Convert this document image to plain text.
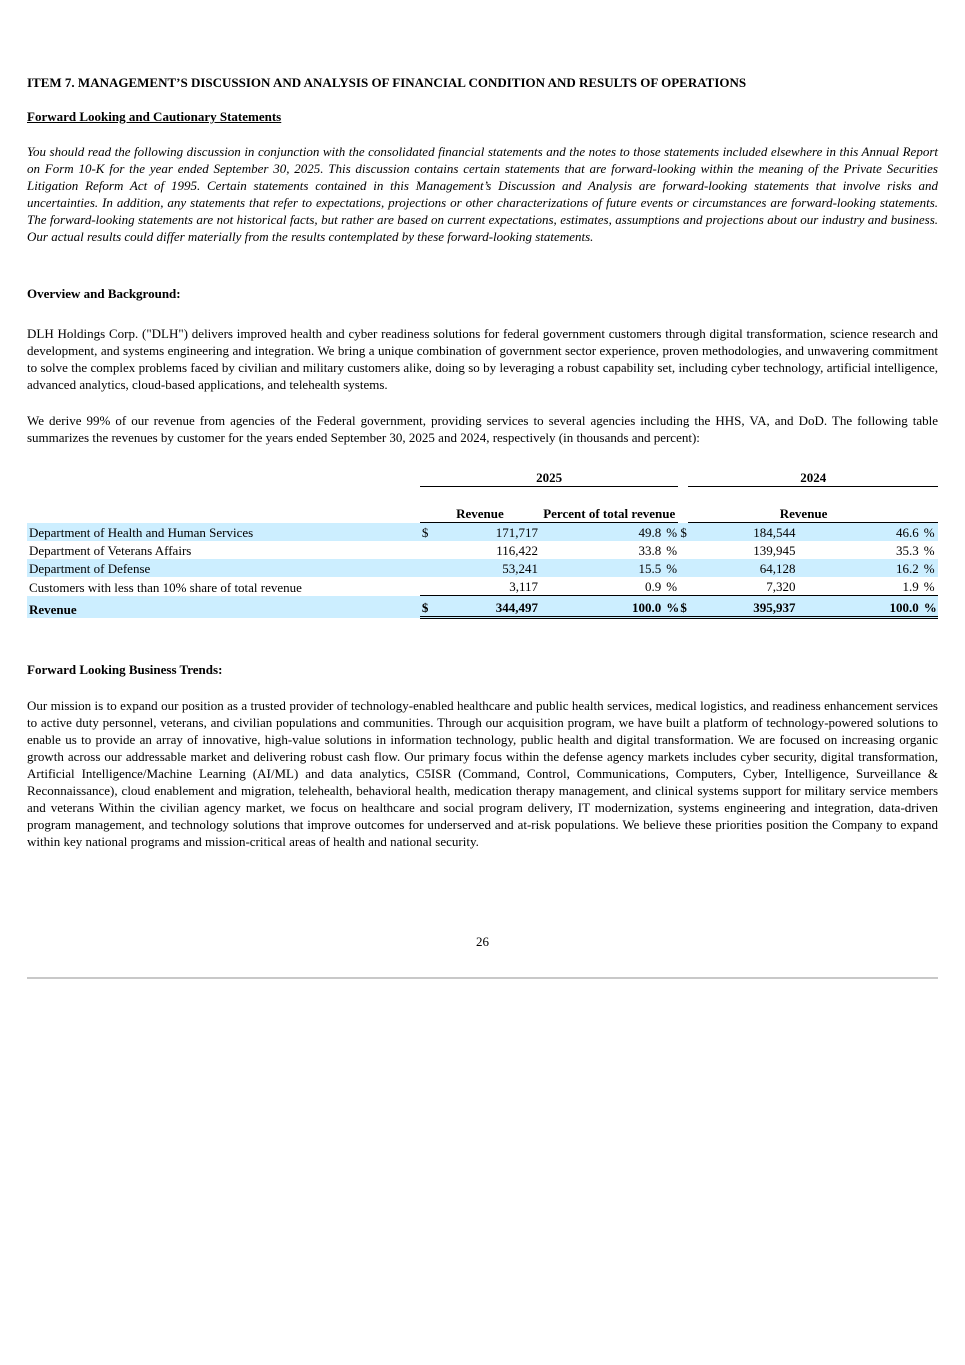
ITEM 7. MANAGEMENT’S DISCUSSION AND ANALYSIS OF FINANCIAL CONDITION AND RESULTS OF OPERATIONS
Forward Looking and Cautionary Statements

You should read the following discussion in conjunction with the consolidated financial statements and the notes to those statements included elsewhere in this Annual Report on Form 10-K for the year ended September 30, 2025. This discussion contains certain statements that are forward-looking within the meaning of the Private Securities Litigation Reform Act of 1995. Certain statements contained in this Management’s Discussion and Analysis are forward-looking statements that involve risks and uncertainties. In addition, any statements that refer to expectations, projections or other characterizations of future events or circumstances are forward-looking statements. The forward-looking statements are not historical facts, but rather are based on current expectations, estimates, assumptions and projections about our industry and business. Our actual results could differ materially from the results contemplated by these forward-looking statements.

Overview and Background:

DLH Holdings Corp. ("DLH") delivers improved health and cyber readiness solutions for federal government customers through digital transformation, science research and development, and systems engineering and integration. We bring a unique combination of government sector experience, proven methodologies, and unwavering commitment to solve the complex problems faced by civilian and military customers alike, doing so by leveraging a robust capability set, including cyber technology, artificial intelligence, advanced analytics, cloud-based applications, and telehealth systems.

We derive 99% of our revenue from agencies of the Federal government, providing services to several agencies including the HHS, VA, and DoD. The following table summarizes the revenues by customer for the years ended September 30, 2025 and 2024, respectively (in thousands and percent):

	2025					2024		
	Revenue		Percent of total revenue			Revenue		
Department of Health and Human Services	$	171,717	49.8	%	$	184,544	46.6	%
Department of Veterans Affairs		116,422	33.8	%		139,945	35.3	%
Department of Defense		53,241	15.5	%		64,128	16.2	%
Customers with less than 10% share of total revenue		3,117	0.9	%		7,320	1.9	%
Revenue	$	344,497	100.0	%	$	395,937	100.0	%
Forward Looking Business Trends:

Our mission is to expand our position as a trusted provider of technology-enabled healthcare and public health services, medical logistics, and readiness enhancement services to active duty personnel, veterans, and civilian populations and communities. Through our acquisition program, we have built a platform of technology-powered solutions to enable us to provide an array of innovative, high-value solutions in information technology, public health and digital transformation. We are focused on increasing organic growth across our addressable market and delivering robust cash flow. Our primary focus within the defense agency markets includes cyber security, digital transformation, Artificial Intelligence/Machine Learning (AI/ML) and data analytics, C5ISR (Command, Control, Communications, Computers, Cyber, Intelligence, Surveillance & Reconnaissance), cloud enablement and migration, telehealth, behavioral health, medication therapy management, and clinical systems support for military service members and veterans Within the civilian agency market, we focus on healthcare and social program delivery, IT modernization, systems engineering and integration, data-driven program management, and technology solutions that improve outcomes for underserved and at-risk populations. We believe these priorities position the Company to expand within key national programs and mission-critical areas of health and national security.

26
